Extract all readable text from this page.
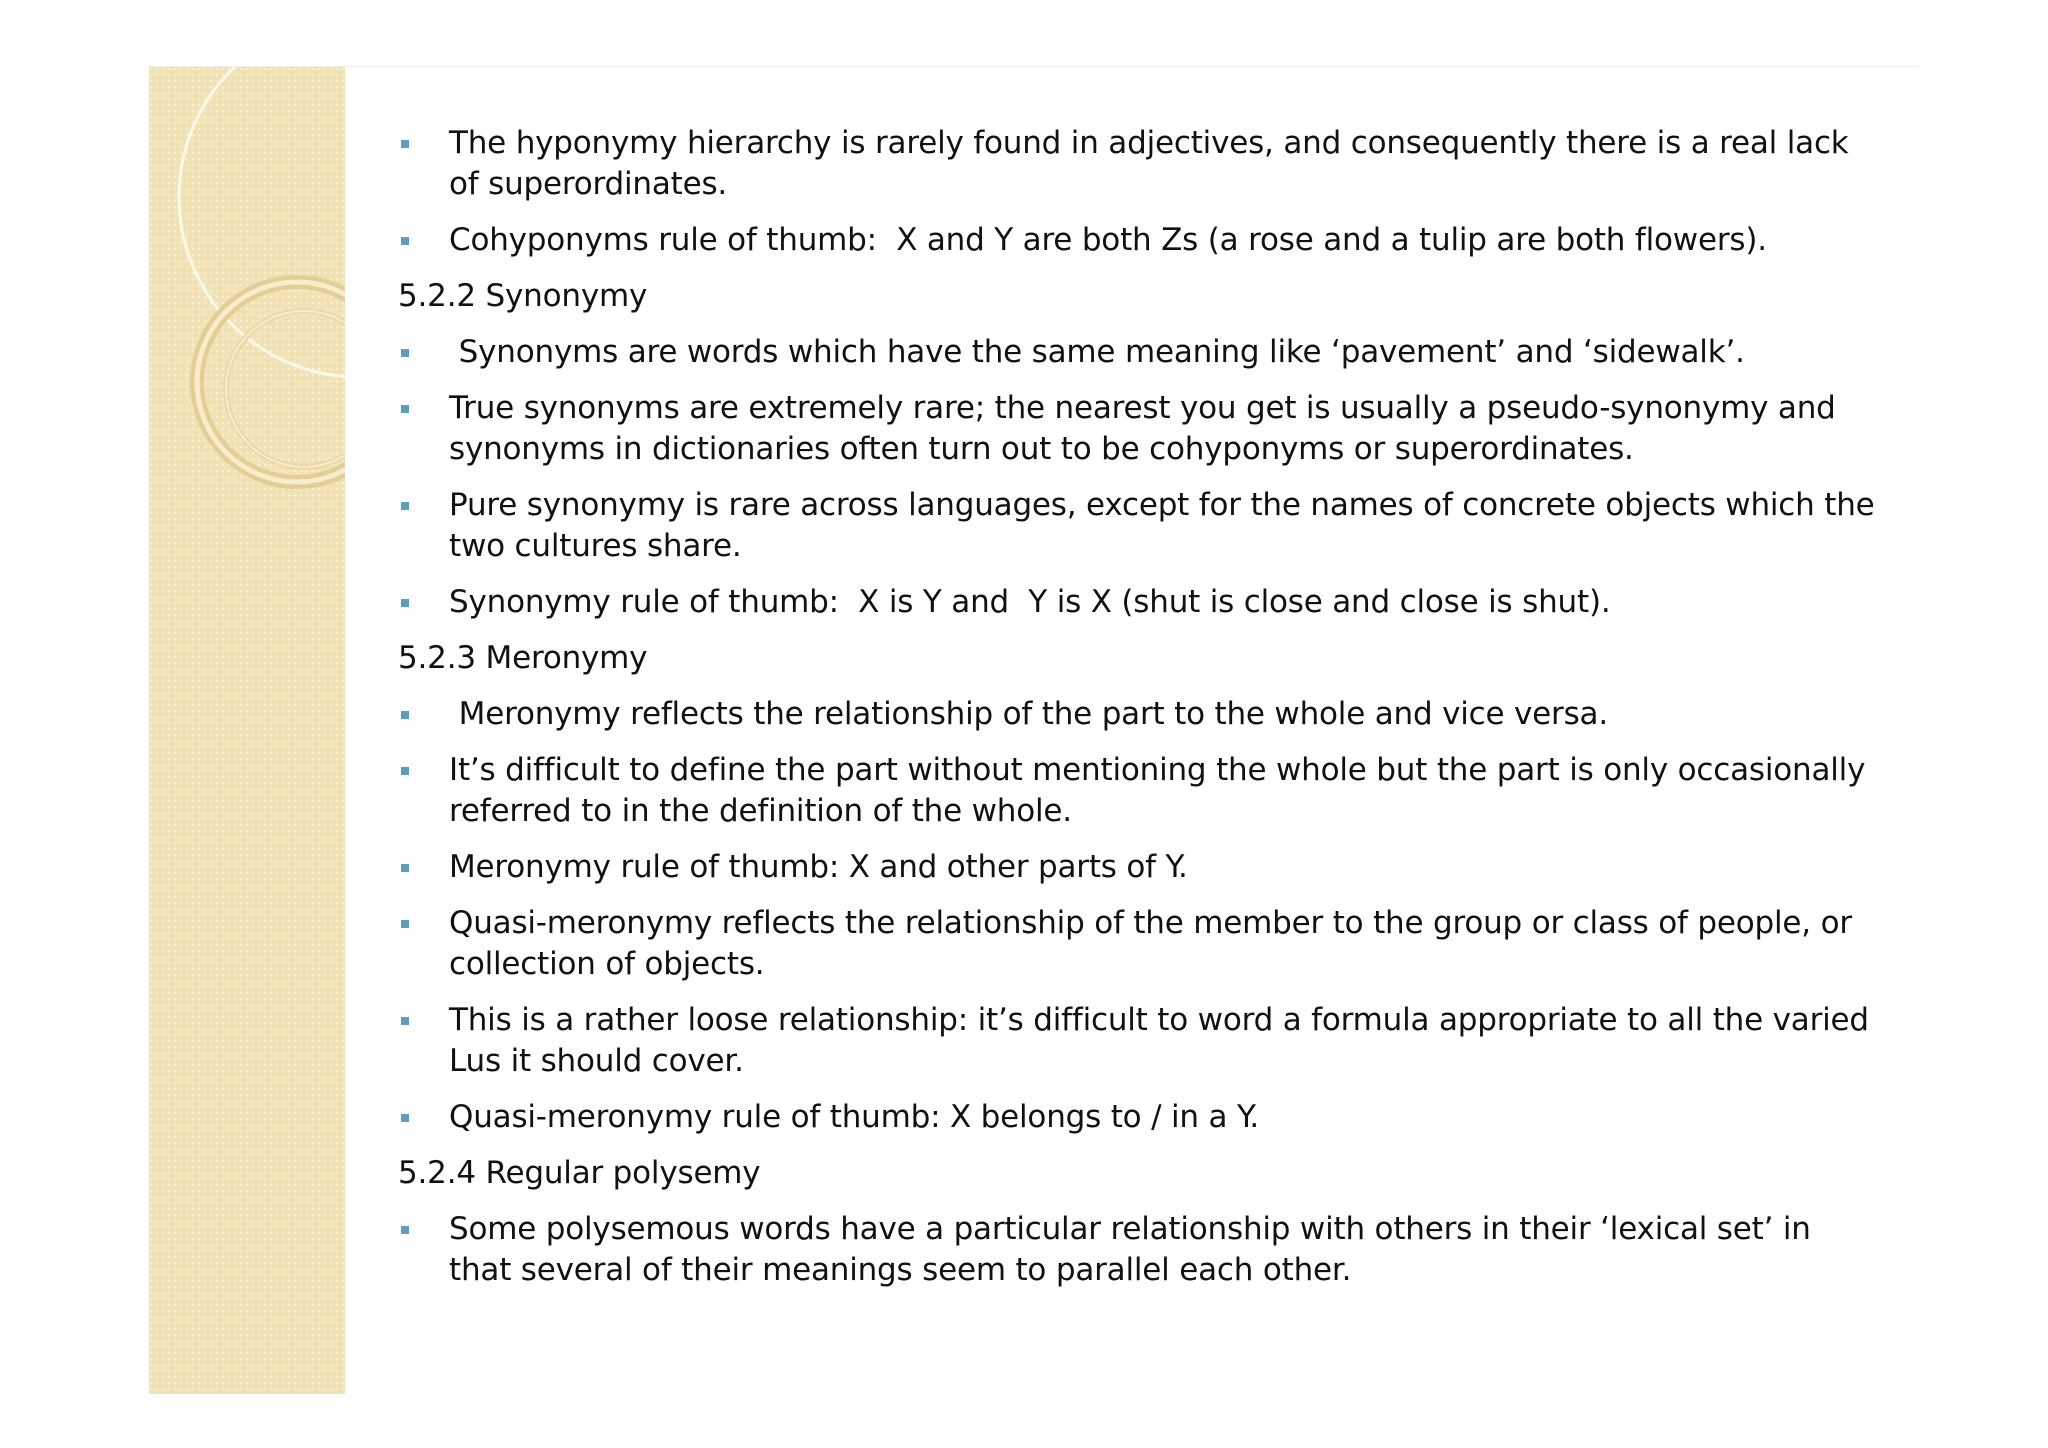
The hyponymy hierarchy is rarely found in adjectives, and consequently there is a real lack of superordinates.
Cohyponyms rule of thumb:  X and Y are both Zs (a rose and a tulip are both flowers).
5.2.2 Synonymy
Synonyms are words which have the same meaning like ‘pavement’ and ‘sidewalk’.
True synonyms are extremely rare; the nearest you get is usually a pseudo-synonymy and synonyms in dictionaries often turn out to be cohyponyms or superordinates.
Pure synonymy is rare across languages, except for the names of concrete objects which the two cultures share.
Synonymy rule of thumb:  X is Y and  Y is X (shut is close and close is shut).
5.2.3 Meronymy
Meronymy reflects the relationship of the part to the whole and vice versa.
It’s difficult to define the part without mentioning the whole but the part is only occasionally referred to in the definition of the whole.
Meronymy rule of thumb: X and other parts of Y.
Quasi-meronymy reflects the relationship of the member to the group or class of people, or collection of objects.
This is a rather loose relationship: it’s difficult to word a formula appropriate to all the varied Lus it should cover.
Quasi-meronymy rule of thumb: X belongs to / in a Y.
5.2.4 Regular polysemy
Some polysemous words have a particular relationship with others in their ‘lexical set’ in that several of their meanings seem to parallel each other.
